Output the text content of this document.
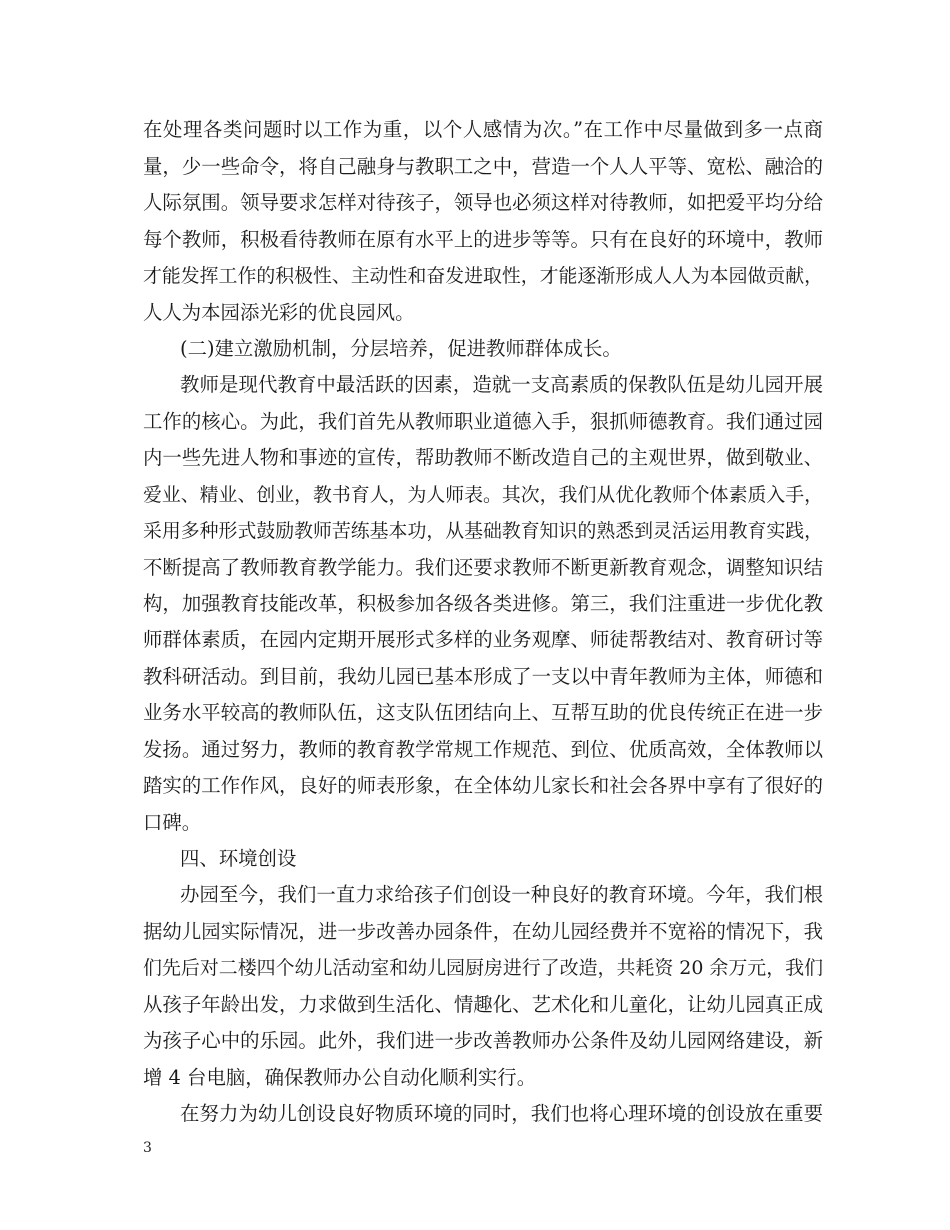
在处理各类问题时以工作为重，以个人感情为次。”在工作中尽量做到多一点商
量，少一些命令，将自己融身与教职工之中，营造一个人人平等、宽松、融洽的
人际氛围。领导要求怎样对待孩子，领导也必须这样对待教师，如把爱平均分给
每个教师，积极看待教师在原有水平上的进步等等。只有在良好的环境中，教师
才能发挥工作的积极性、主动性和奋发进取性，才能逐渐形成人人为本园做贡献，
人人为本园添光彩的优良园风。
(二)建立激励机制，分层培养，促进教师群体成长。
教师是现代教育中最活跃的因素，造就一支高素质的保教队伍是幼儿园开展
工作的核心。为此，我们首先从教师职业道德入手，狠抓师德教育。我们通过园
内一些先进人物和事迹的宣传，帮助教师不断改造自己的主观世界，做到敬业、
爱业、精业、创业，教书育人，为人师表。其次，我们从优化教师个体素质入手，
采用多种形式鼓励教师苦练基本功，从基础教育知识的熟悉到灵活运用教育实践，
不断提高了教师教育教学能力。我们还要求教师不断更新教育观念，调整知识结
构，加强教育技能改革，积极参加各级各类进修。第三，我们注重进一步优化教
师群体素质，在园内定期开展形式多样的业务观摩、师徒帮教结对、教育研讨等
教科研活动。到目前，我幼儿园已基本形成了一支以中青年教师为主体，师德和
业务水平较高的教师队伍，这支队伍团结向上、互帮互助的优良传统正在进一步
发扬。通过努力，教师的教育教学常规工作规范、到位、优质高效，全体教师以
踏实的工作作风，良好的师表形象，在全体幼儿家长和社会各界中享有了很好的
口碑。
四、环境创设
办园至今，我们一直力求给孩子们创设一种良好的教育环境。今年，我们根
据幼儿园实际情况，进一步改善办园条件，在幼儿园经费并不宽裕的情况下，我
们先后对二楼四个幼儿活动室和幼儿园厨房进行了改造，共耗资 20 余万元，我们
从孩子年龄出发，力求做到生活化、情趣化、艺术化和儿童化，让幼儿园真正成
为孩子心中的乐园。此外，我们进一步改善教师办公条件及幼儿园网络建设，新
增 4 台电脑，确保教师办公自动化顺利实行。
在努力为幼儿创设良好物质环境的同时，我们也将心理环境的创设放在重要
3
